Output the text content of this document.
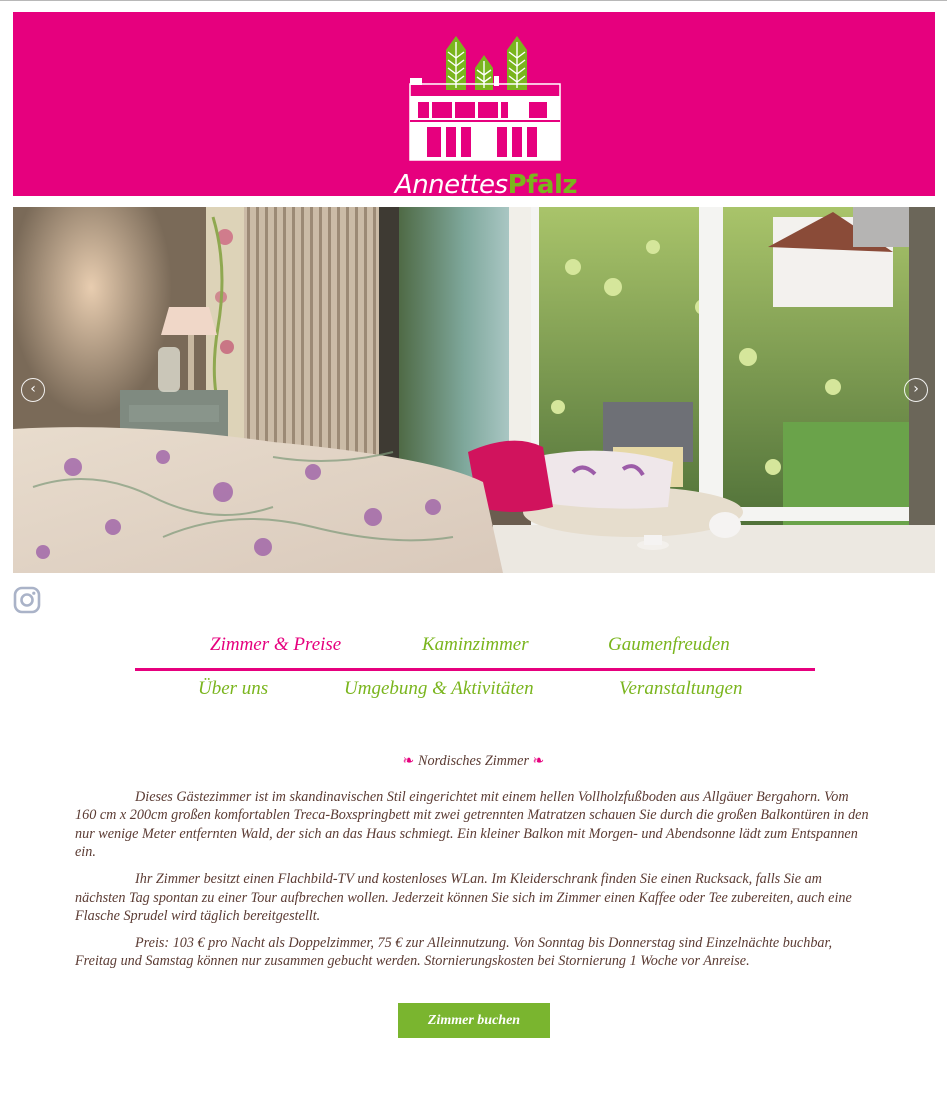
AnnettesPfalz
‹	›
Zimmer & Preise	Kaminzimmer	Gaumenfreuden
Über uns	Umgebung & Aktivitäten	Veranstaltungen
❧ Nordisches Zimmer ❧

Dieses Gästezimmer ist im skandinavischen Stil eingerichtet mit einem hellen Vollholzfußboden aus Allgäuer Bergahorn. Vom 160 cm x 200cm großen komfortablen Treca-Boxspringbett mit zwei getrennten Matratzen schauen Sie durch die großen Balkontüren in den nur wenige Meter entfernten Wald, der sich an das Haus schmiegt. Ein kleiner Balkon mit Morgen- und Abendsonne lädt zum Entspannen ein.

Ihr Zimmer besitzt einen Flachbild-TV und kostenloses WLan. Im Kleiderschrank finden Sie einen Rucksack, falls Sie am nächsten Tag spontan zu einer Tour aufbrechen wollen. Jederzeit können Sie sich im Zimmer einen Kaffee oder Tee zubereiten, auch eine Flasche Sprudel wird täglich bereitgestellt.

Preis: 103 € pro Nacht als Doppelzimmer, 75 € zur Alleinnutzung. Von Sonntag bis Donnerstag sind Einzelnächte buchbar, Freitag und Samstag können nur zusammen gebucht werden. Stornierungskosten bei Stornierung 1 Woche vor Anreise.

Zimmer buchen
